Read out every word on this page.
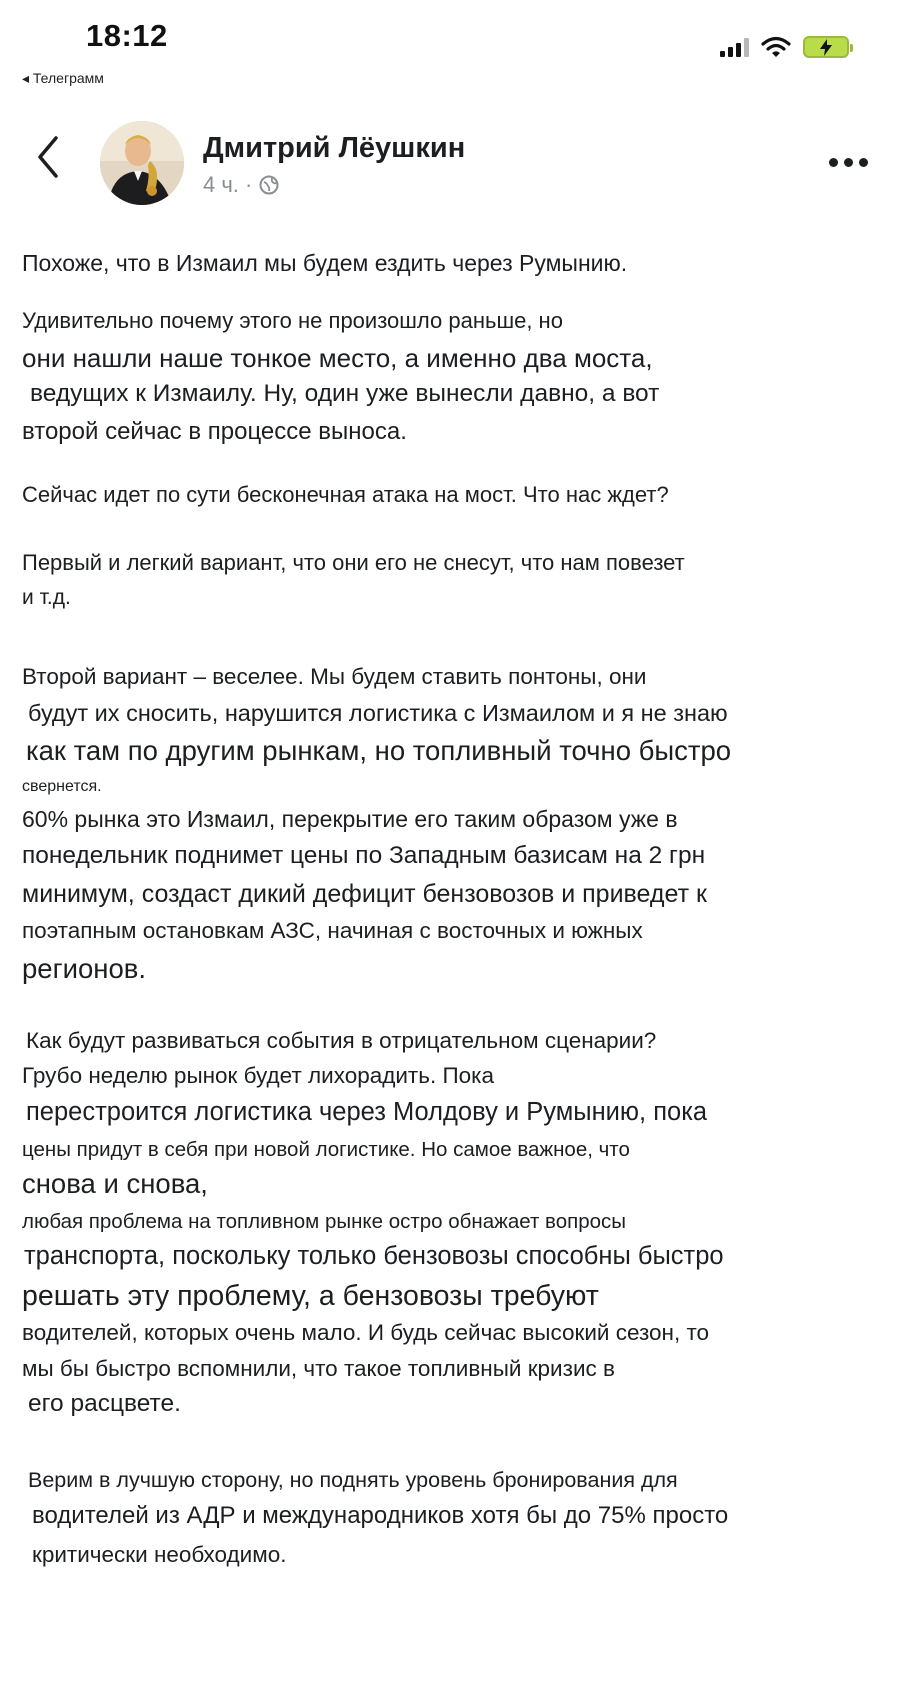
18:12
◂ Телеграмм
Дмитрий Лёушкин
4 ч. ·
Похоже, что в Измаил мы будем ездить через Румынию.
Удивительно почему этого не произошло раньше, но
они нашли наше тонкое место, а именно два моста,
ведущих к Измаилу. Ну, один уже вынесли давно, а вот
второй сейчас в процессе выноса.
Сейчас идет по сути бесконечная атака на мост. Что нас ждет?
Первый и легкий вариант, что они его не снесут, что нам повезет
и т.д.
Второй вариант – веселее. Мы будем ставить понтоны, они
будут их сносить, нарушится логистика с Измаилом и я не знаю
как там по другим рынкам, но топливный точно быстро
свернется.
60% рынка это Измаил, перекрытие его таким образом уже в
понедельник поднимет цены по Западным базисам на 2 грн
минимум, создаст дикий дефицит бензовозов и приведет к
поэтапным остановкам АЗС, начиная с восточных и южных
регионов.
Как будут развиваться события в отрицательном сценарии?
Грубо неделю рынок будет лихорадить. Пока
перестроится логистика через Молдову и Румынию, пока
цены придут в себя при новой логистике. Но самое важное, что
снова и снова,
любая проблема на топливном рынке остро обнажает вопросы
транспорта, поскольку только бензовозы способны быстро
решать эту проблему, а бензовозы требуют
водителей, которых очень мало. И будь сейчас высокий сезон, то
мы бы быстро вспомнили, что такое топливный кризис в
его расцвете.
Верим в лучшую сторону, но поднять уровень бронирования для
водителей из АДР и международников хотя бы до 75% просто
критически необходимо.
